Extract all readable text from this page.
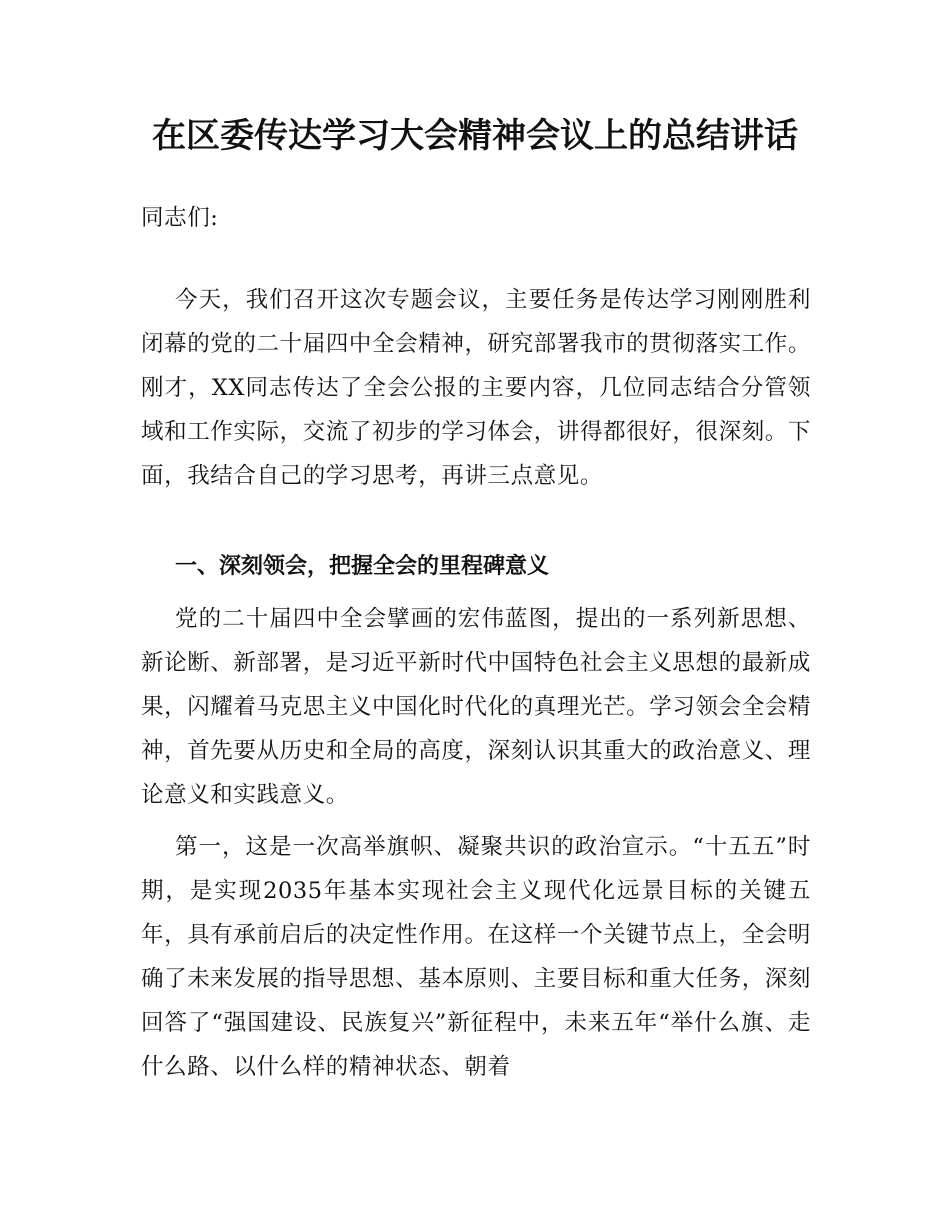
在区委传达学习大会精神会议上的总结讲话

同志们:

今天，我们召开这次专题会议，主要任务是传达学习刚刚胜利闭幕的党的二十届四中全会精神，研究部署我市的贯彻落实工作。刚才，XX同志传达了全会公报的主要内容，几位同志结合分管领域和工作实际，交流了初步的学习体会，讲得都很好，很深刻。下面，我结合自己的学习思考，再讲三点意见。

一、深刻领会，把握全会的里程碑意义

党的二十届四中全会擘画的宏伟蓝图，提出的一系列新思想、新论断、新部署，是习近平新时代中国特色社会主义思想的最新成果，闪耀着马克思主义中国化时代化的真理光芒。学习领会全会精神，首先要从历史和全局的高度，深刻认识其重大的政治意义、理论意义和实践意义。

第一，这是一次高举旗帜、凝聚共识的政治宣示。“十五五”时期，是实现2035年基本实现社会主义现代化远景目标的关键五年，具有承前启后的决定性作用。在这样一个关键节点上，全会明确了未来发展的指导思想、基本原则、主要目标和重大任务，深刻回答了“强国建设、民族复兴”新征程中，未来五年“举什么旗、走什么路、以什么样的精神状态、朝着
